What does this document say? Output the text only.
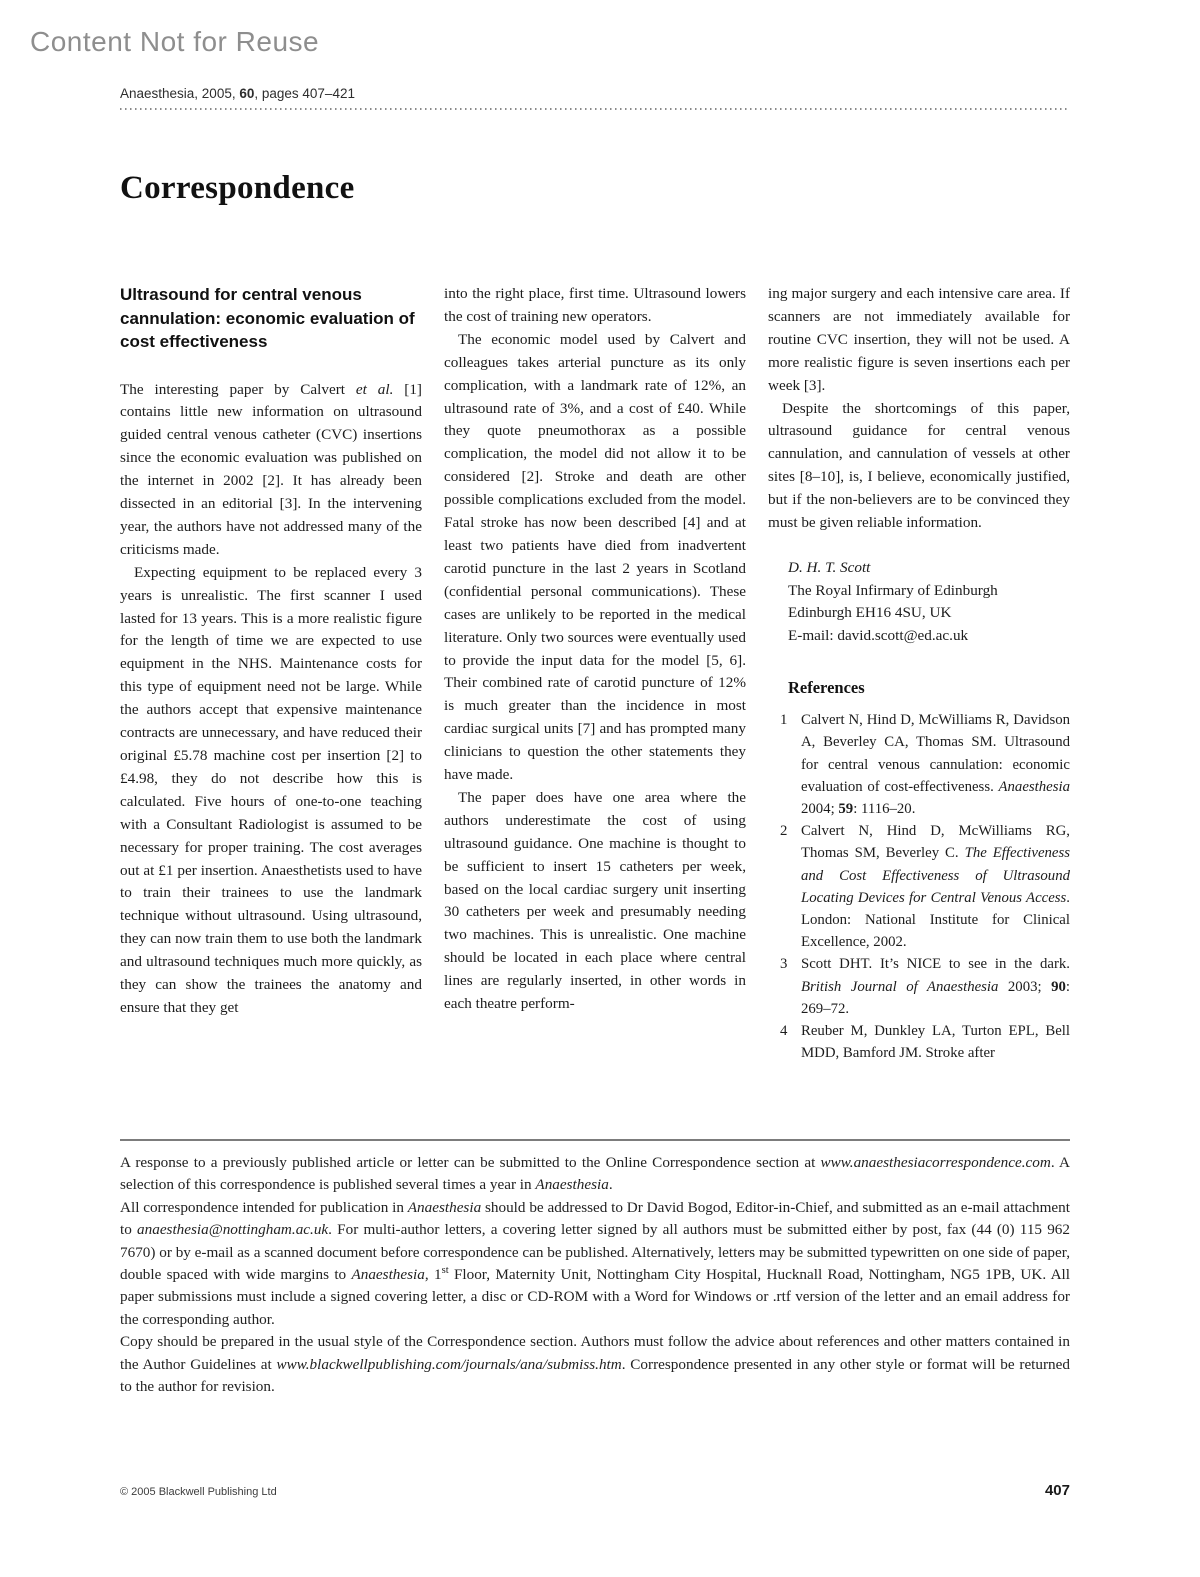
Content Not for Reuse
Anaesthesia, 2005, 60, pages 407–421
Correspondence
Ultrasound for central venous cannulation: economic evaluation of cost effectiveness

The interesting paper by Calvert et al. [1] contains little new information on ultrasound guided central venous catheter (CVC) insertions since the economic evaluation was published on the internet in 2002 [2]. It has already been dissected in an editorial [3]. In the intervening year, the authors have not addressed many of the criticisms made.

Expecting equipment to be replaced every 3 years is unrealistic. The first scanner I used lasted for 13 years. This is a more realistic figure for the length of time we are expected to use equipment in the NHS. Maintenance costs for this type of equipment need not be large. While the authors accept that expensive maintenance contracts are unnecessary, and have reduced their original £5.78 machine cost per insertion [2] to £4.98, they do not describe how this is calculated. Five hours of one-to-one teaching with a Consultant Radiologist is assumed to be necessary for proper training. The cost averages out at £1 per insertion. Anaesthetists used to have to train their trainees to use the landmark technique without ultrasound. Using ultrasound, they can now train them to use both the landmark and ultrasound techniques much more quickly, as they can show the trainees the anatomy and ensure that they get

into the right place, first time. Ultrasound lowers the cost of training new operators.

The economic model used by Calvert and colleagues takes arterial puncture as its only complication, with a landmark rate of 12%, an ultrasound rate of 3%, and a cost of £40. While they quote pneumothorax as a possible complication, the model did not allow it to be considered [2]. Stroke and death are other possible complications excluded from the model. Fatal stroke has now been described [4] and at least two patients have died from inadvertent carotid puncture in the last 2 years in Scotland (confidential personal communications). These cases are unlikely to be reported in the medical literature. Only two sources were eventually used to provide the input data for the model [5, 6]. Their combined rate of carotid puncture of 12% is much greater than the incidence in most cardiac surgical units [7] and has prompted many clinicians to question the other statements they have made.

The paper does have one area where the authors underestimate the cost of using ultrasound guidance. One machine is thought to be sufficient to insert 15 catheters per week, based on the local cardiac surgery unit inserting 30 catheters per week and presumably needing two machines. This is unrealistic. One machine should be located in each place where central lines are regularly inserted, in other words in each theatre perform-

ing major surgery and each intensive care area. If scanners are not immediately available for routine CVC insertion, they will not be used. A more realistic figure is seven insertions each per week [3].

Despite the shortcomings of this paper, ultrasound guidance for central venous cannulation, and cannulation of vessels at other sites [8–10], is, I believe, economically justified, but if the non-believers are to be convinced they must be given reliable information.

D. H. T. Scott
The Royal Infirmary of Edinburgh
Edinburgh EH16 4SU, UK
E-mail: david.scott@ed.ac.uk
References
1 Calvert N, Hind D, McWilliams R, Davidson A, Beverley CA, Thomas SM. Ultrasound for central venous cannulation: economic evaluation of cost-effectiveness. Anaesthesia 2004; 59: 1116–20.
2 Calvert N, Hind D, McWilliams RG, Thomas SM, Beverley C. The Effectiveness and Cost Effectiveness of Ultrasound Locating Devices for Central Venous Access. London: National Institute for Clinical Excellence, 2002.
3 Scott DHT. It’s NICE to see in the dark. British Journal of Anaesthesia 2003; 90: 269–72.
4 Reuber M, Dunkley LA, Turton EPL, Bell MDD, Bamford JM. Stroke after

A response to a previously published article or letter can be submitted to the Online Correspondence section at www.anaesthesiacorrespondence.com. A selection of this correspondence is published several times a year in Anaesthesia.

All correspondence intended for publication in Anaesthesia should be addressed to Dr David Bogod, Editor-in-Chief, and submitted as an e-mail attachment to anaesthesia@nottingham.ac.uk. For multi-author letters, a covering letter signed by all authors must be submitted either by post, fax (44 (0) 115 962 7670) or by e-mail as a scanned document before correspondence can be published. Alternatively, letters may be submitted typewritten on one side of paper, double spaced with wide margins to Anaesthesia, 1st Floor, Maternity Unit, Nottingham City Hospital, Hucknall Road, Nottingham, NG5 1PB, UK. All paper submissions must include a signed covering letter, a disc or CD-ROM with a Word for Windows or .rtf version of the letter and an email address for the corresponding author.

Copy should be prepared in the usual style of the Correspondence section. Authors must follow the advice about references and other matters contained in the Author Guidelines at www.blackwellpublishing.com/journals/ana/submiss.htm. Correspondence presented in any other style or format will be returned to the author for revision.

© 2005 Blackwell Publishing Ltd	407
